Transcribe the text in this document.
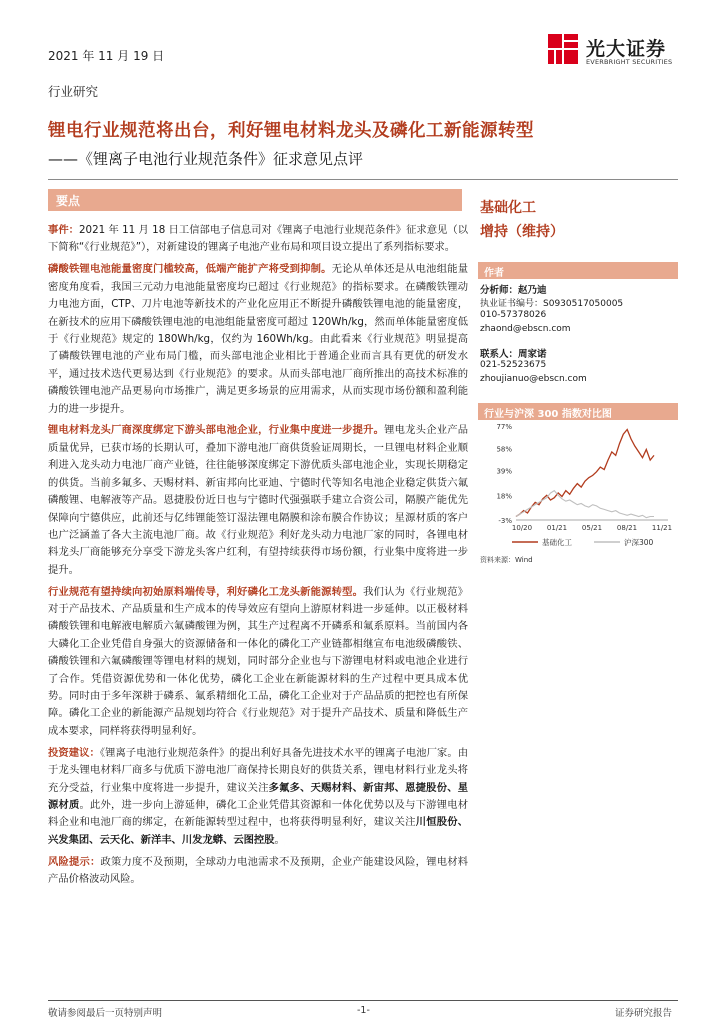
2021 年 11 月 19 日	光大证券
EVERBRIGHT SECURITIES
行业研究
锂电行业规范将出台，利好锂电材料龙头及磷化工新能源转型
——《锂离子电池行业规范条件》征求意见点评
要点

事件：2021 年 11 月 18 日工信部电子信息司对《锂离子电池行业规范条件》征求意见（以下简称“《行业规范》”），对新建设的锂离子电池产业布局和项目设立提出了系列指标要求。

磷酸铁锂电池能量密度门槛较高，低端产能扩产将受到抑制。无论从单体还是从电池组能量密度角度看，我国三元动力电池能量密度均已超过《行业规范》的指标要求。在磷酸铁锂动力电池方面，CTP、刀片电池等新技术的产业化应用正不断提升磷酸铁锂电池的能量密度，在新技术的应用下磷酸铁锂电池的电池组能量密度可超过 120Wh/kg，然而单体能量密度低于《行业规范》规定的 180Wh/kg，仅约为 160Wh/kg。由此看来《行业规范》明显提高了磷酸铁锂电池的产业布局门槛，而头部电池企业相比于普通企业而言具有更优的研发水平，通过技术迭代更易达到《行业规范》的要求。从而头部电池厂商所推出的高技术标准的磷酸铁锂电池产品更易向市场推广，满足更多场景的应用需求，从而实现市场份额和盈利能力的进一步提升。

锂电材料龙头厂商深度绑定下游头部电池企业，行业集中度进一步提升。锂电龙头企业产品质量优异，已获市场的长期认可，叠加下游电池厂商供货验证周期长，一旦锂电材料企业顺利进入龙头动力电池厂商产业链，往往能够深度绑定下游优质头部电池企业，实现长期稳定的供货。当前多氟多、天赐材料、新宙邦向比亚迪、宁德时代等知名电池企业稳定供货六氟磷酸锂、电解液等产品。恩捷股份近日也与宁德时代强强联手建立合资公司，隔膜产能优先保障向宁德供应，此前还与亿纬锂能签订湿法锂电隔膜和涂布膜合作协议；星源材质的客户也广泛涵盖了各大主流电池厂商。故《行业规范》利好龙头动力电池厂家的同时，各锂电材料龙头厂商能够充分享受下游龙头客户红利，有望持续获得市场份额，行业集中度将进一步提升。

行业规范有望持续向初始原料端传导，利好磷化工龙头新能源转型。我们认为《行业规范》对于产品技术、产品质量和生产成本的传导效应有望向上游原材料进一步延伸。以正极材料磷酸铁锂和电解液电解质六氟磷酸锂为例，其生产过程离不开磷系和氟系原料。当前国内各大磷化工企业凭借自身强大的资源储备和一体化的磷化工产业链都相继宣布电池级磷酸铁、磷酸铁锂和六氟磷酸锂等锂电材料的规划，同时部分企业也与下游锂电材料或电池企业进行了合作。凭借资源优势和一体化优势，磷化工企业在新能源材料的生产过程中更具成本优势。同时由于多年深耕于磷系、氟系精细化工品，磷化工企业对于产品品质的把控也有所保障。磷化工企业的新能源产品规划均符合《行业规范》对于提升产品技术、质量和降低生产成本要求，同样将获得明显利好。

投资建议：《锂离子电池行业规范条件》的提出利好具备先进技术水平的锂离子电池厂家。由于龙头锂电材料厂商多与优质下游电池厂商保持长期良好的供货关系，锂电材料行业龙头将充分受益，行业集中度将进一步提升，建议关注多氟多、天赐材料、新宙邦、恩捷股份、星源材质。此外，进一步向上游延伸，磷化工企业凭借其资源和一体化优势以及与下游锂电材料企业和电池厂商的绑定，在新能源转型过程中，也将获得明显利好，建议关注川恒股份、兴发集团、云天化、新洋丰、川发龙蟒、云图控股。

风险提示：政策力度不及预期，全球动力电池需求不及预期，企业产能建设风险，锂电材料产品价格波动风险。

基础化工
增持（维持）
作者
分析师：赵乃迪
执业证书编号：S0930517050005
010-57378026
zhaond@ebscn.com
联系人：周家诺
021-52523675
zhoujianuo@ebscn.com
行业与沪深 300 指数对比图
-3%
18%
39%
58%
77%
10/20 01/21 05/21 08/21 11/21
基础化工	沪深300
资料来源：Wind
敬请参阅最后一页特别声明	-1-	证券研究报告
